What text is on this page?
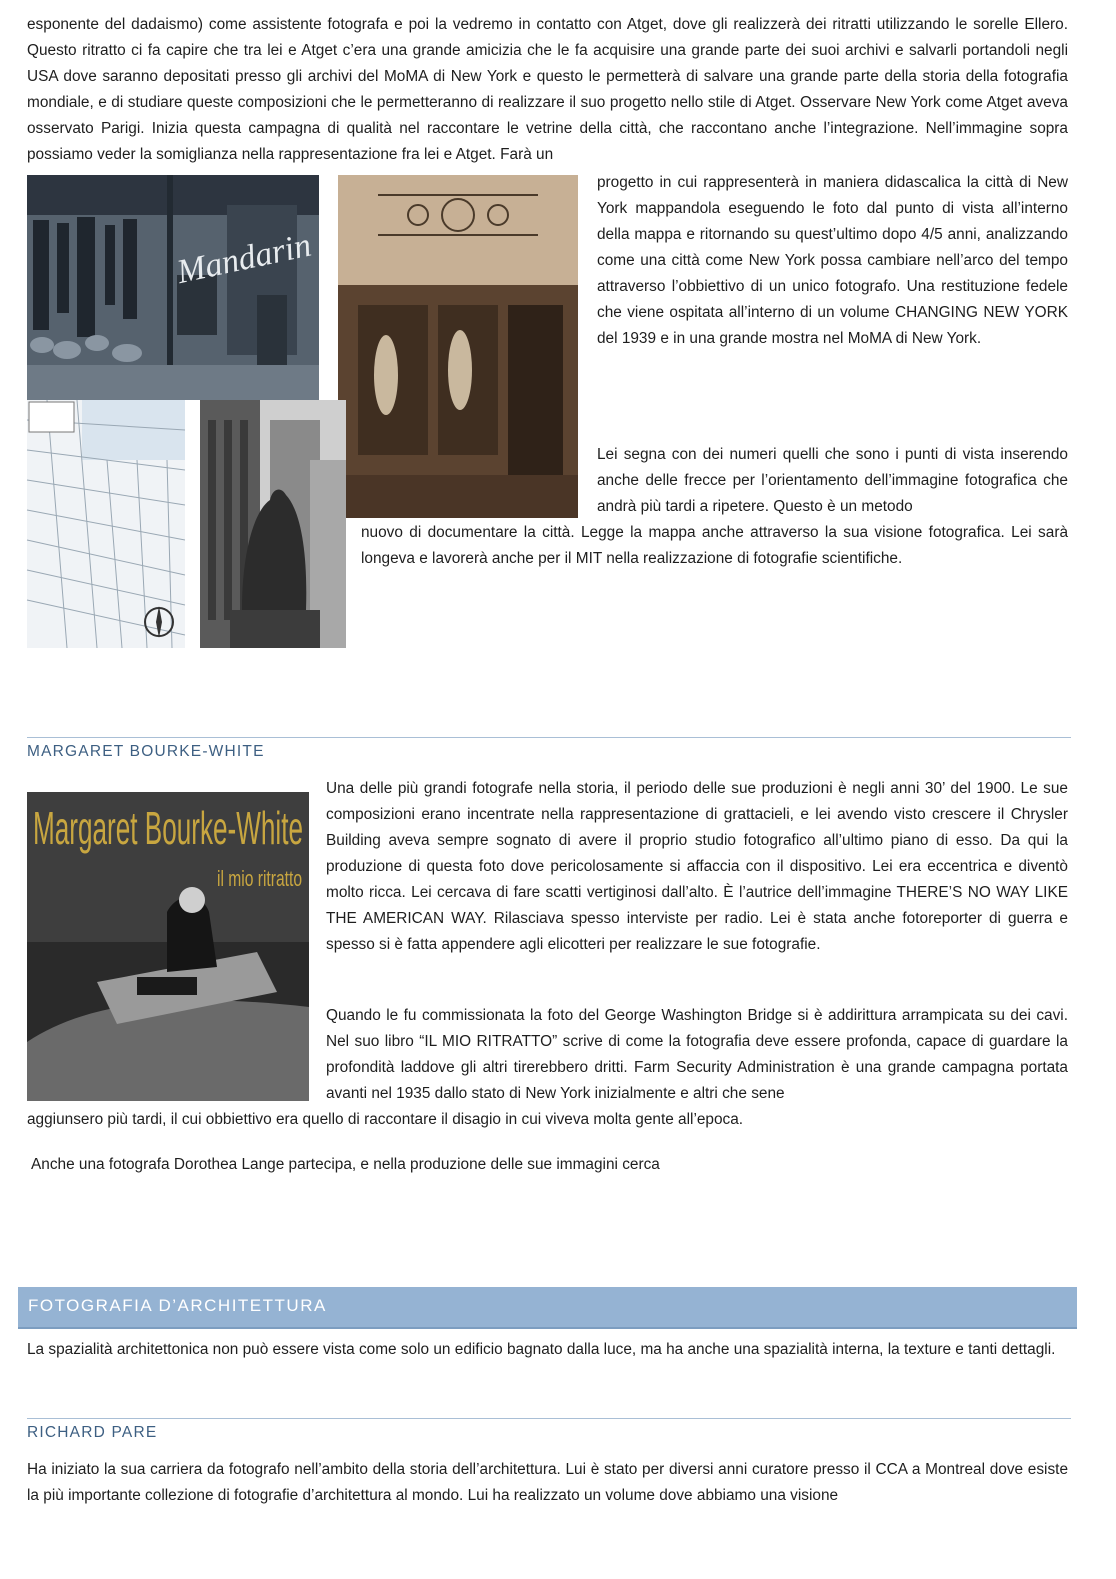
esponente del dadaismo) come assistente fotografa e poi la vedremo in contatto con Atget, dove gli realizzerà dei ritratti utilizzando le sorelle Ellero. Questo ritratto ci fa capire che tra lei e Atget c’era una grande amicizia che le fa acquisire una grande parte dei suoi archivi e salvarli portandoli negli USA dove saranno depositati presso gli archivi del MoMA di New York e questo le permetterà di salvare una grande parte della storia della fotografia mondiale, e di studiare queste composizioni che le permetteranno di realizzare il suo progetto nello stile di Atget. Osservare New York come Atget aveva osservato Parigi. Inizia questa campagna di qualità nel raccontare le vetrine della città, che raccontano anche l’integrazione. Nell’immagine sopra possiamo veder la somiglianza nella rappresentazione fra lei e Atget. Farà un

Mandarin

progetto in cui rappresenterà in maniera didascalica la città di New York mappandola eseguendo le foto dal punto di vista all’interno della mappa e ritornando su quest’ultimo dopo 4/5 anni, analizzando come una città come New York possa cambiare nell’arco del tempo attraverso l’obbiettivo di un unico fotografo. Una restituzione fedele che viene ospitata all’interno di un volume CHANGING NEW YORK del 1939 e in una grande mostra nel MoMA di New York.

Lei segna con dei numeri quelli che sono i punti di vista inserendo anche delle frecce per l’orientamento dell’immagine fotografica che andrà più tardi a ripetere. Questo è un metodo

nuovo di documentare la città. Legge la mappa anche attraverso la sua visione fotografica. Lei sarà longeva e lavorerà anche per il MIT nella realizzazione di fotografie scientifiche.

MARGARET BOURKE-WHITE

Margaret Bourke-White
il mio ritratto

Una delle più grandi fotografe nella storia, il periodo delle sue produzioni è negli anni 30’ del 1900. Le sue composizioni erano incentrate nella rappresentazione di grattacieli, e lei avendo visto crescere il Chrysler Building aveva sempre sognato di avere il proprio studio fotografico all’ultimo piano di esso. Da qui la produzione di questa foto dove pericolosamente si affaccia con il dispositivo. Lei era eccentrica e diventò molto ricca. Lei cercava di fare scatti vertiginosi dall’alto. È l’autrice dell’immagine THERE’S NO WAY LIKE THE AMERICAN WAY. Rilasciava spesso interviste per radio. Lei è stata anche fotoreporter di guerra e spesso si è fatta appendere agli elicotteri per realizzare le sue fotografie.

Quando le fu commissionata la foto del George Washington Bridge si è addirittura arrampicata su dei cavi. Nel suo libro “IL MIO RITRATTO” scrive di come la fotografia deve essere profonda, capace di guardare la profondità laddove gli altri tirerebbero dritti. Farm Security Administration è una grande campagna portata avanti nel 1935 dallo stato di New York inizialmente e altri che sene

aggiunsero più tardi, il cui obbiettivo era quello di raccontare il disagio in cui viveva molta gente all’epoca.

Anche una fotografa Dorothea Lange partecipa, e nella produzione delle sue immagini cerca

FOTOGRAFIA D’ARCHITETTURA

La spazialità architettonica non può essere vista come solo un edificio bagnato dalla luce, ma ha anche una spazialità interna, la texture e tanti dettagli.

RICHARD PARE

Ha iniziato la sua carriera da fotografo nell’ambito della storia dell’architettura. Lui è stato per diversi anni curatore presso il CCA a Montreal dove esiste la più importante collezione di fotografie d’architettura al mondo. Lui ha realizzato un volume dove abbiamo una visione
